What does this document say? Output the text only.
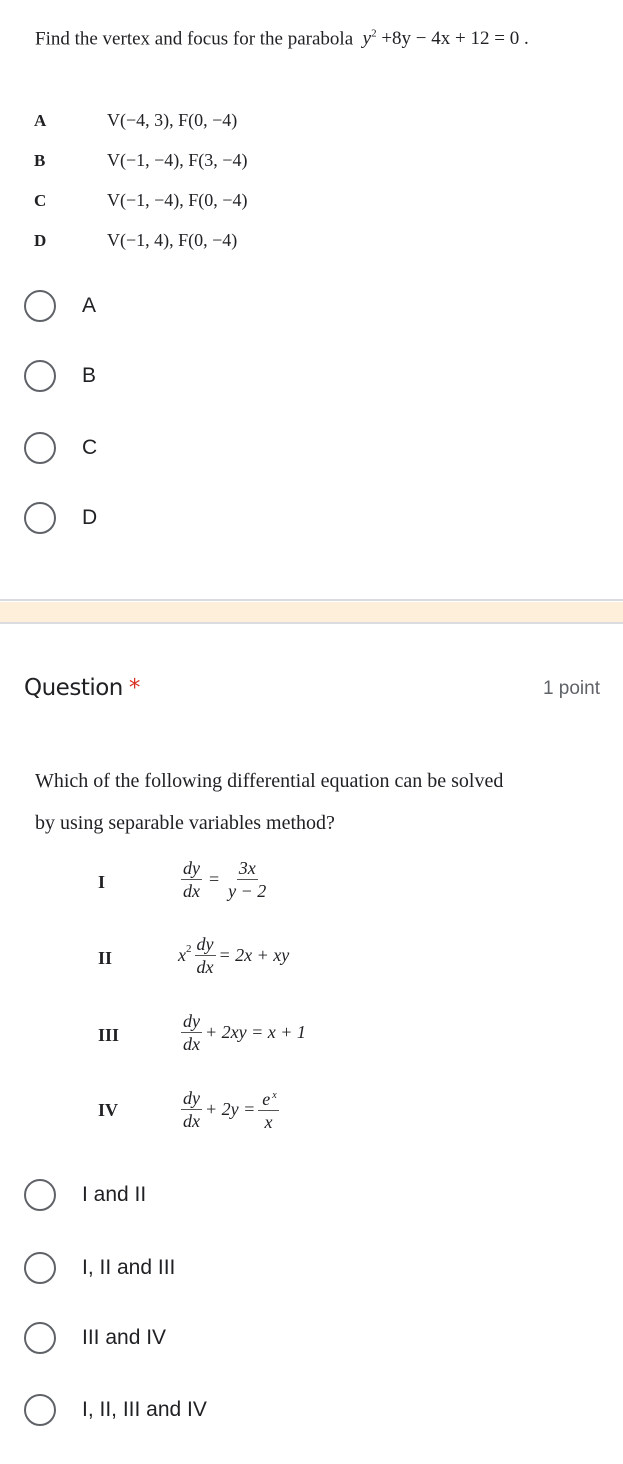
Find the vertex and focus for the parabola $y^2 +8y - 4x + 12 = 0$ .
A	V(−4, 3), F(0, −4)
B	V(−1, −4), F(3, −4)
C	V(−1, −4), F(0, −4)
D	V(−1, 4), F(0, −4)
A
B
C
D
Question *	1 point
Which of the following differential equation can be solved
by using separable variables method?
I	$\frac{dy}{dx} = \frac{3x}{y - 2}$
II	$x^2 \frac{dy}{dx} = 2x$ + xy
III	$\frac{dy}{dx} + 2xy = x + 1$
IV	$\frac{dy}{dx} + 2y = \frac{e ^x}{x}$
I and II
I, II and III
III and IV
I, II, III and IV
